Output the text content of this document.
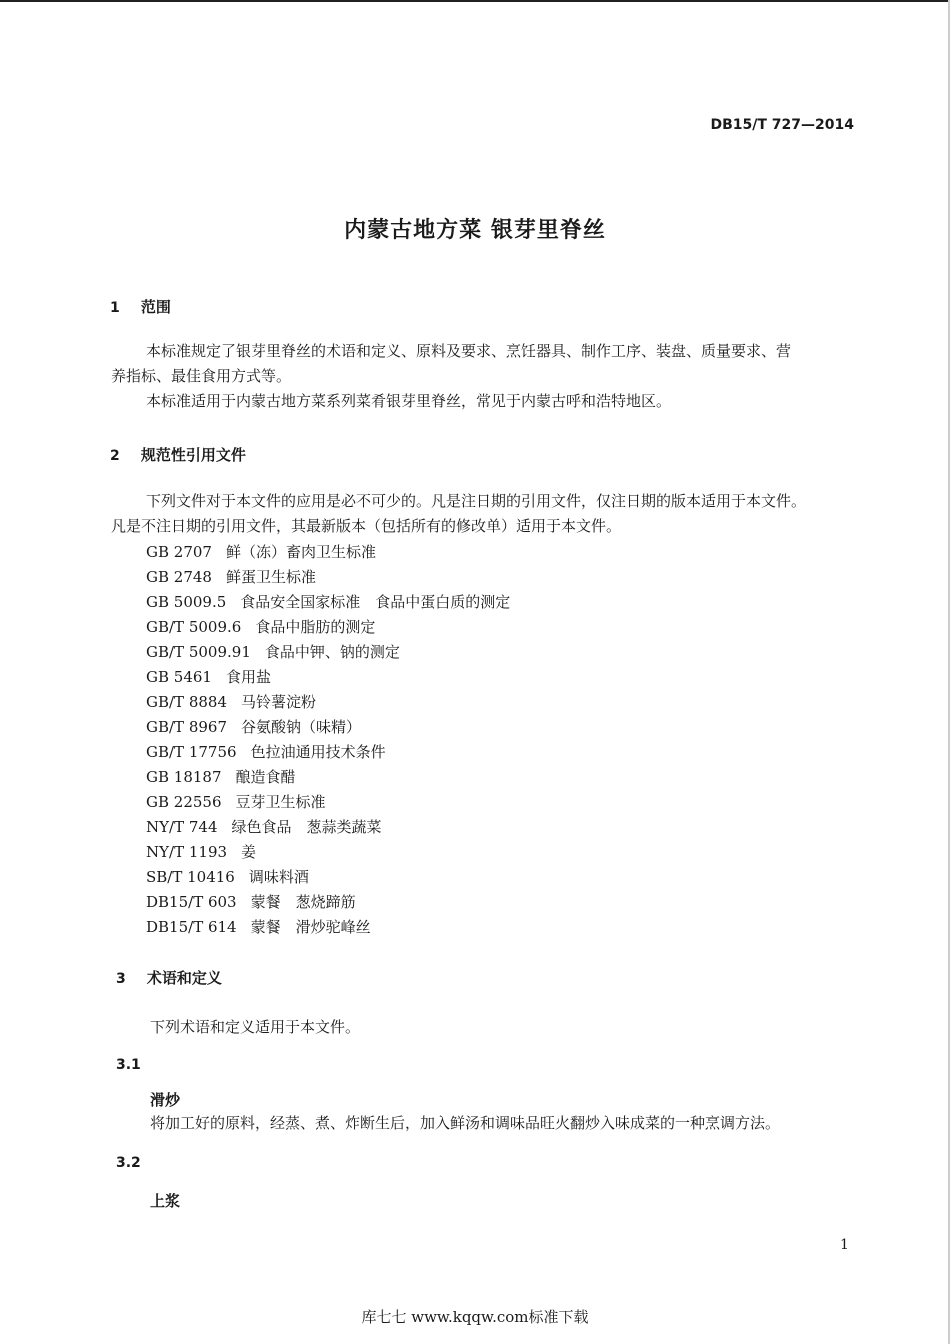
DB15/T 727—2014
内蒙古地方菜 银芽里脊丝
1 范围
本标准规定了银芽里脊丝的术语和定义、原料及要求、烹饪器具、制作工序、装盘、质量要求、营
养指标、最佳食用方式等。
本标准适用于内蒙古地方菜系列菜肴银芽里脊丝，常见于内蒙古呼和浩特地区。
2 规范性引用文件
下列文件对于本文件的应用是必不可少的。凡是注日期的引用文件，仅注日期的版本适用于本文件。
凡是不注日期的引用文件，其最新版本（包括所有的修改单）适用于本文件。
GB 2707 鲜（冻）畜肉卫生标准
GB 2748 鲜蛋卫生标准
GB 5009.5 食品安全国家标准　食品中蛋白质的测定
GB/T 5009.6 食品中脂肪的测定
GB/T 5009.91 食品中钾、钠的测定
GB 5461 食用盐
GB/T 8884 马铃薯淀粉
GB/T 8967 谷氨酸钠（味精）
GB/T 17756 色拉油通用技术条件
GB 18187 酿造食醋
GB 22556 豆芽卫生标准
NY/T 744 绿色食品　葱蒜类蔬菜
NY/T 1193 姜
SB/T 10416 调味料酒
DB15/T 603 蒙餐　葱烧蹄筋
DB15/T 614 蒙餐　滑炒驼峰丝
3 术语和定义
下列术语和定义适用于本文件。
3.1
滑炒
将加工好的原料，经蒸、煮、炸断生后，加入鲜汤和调味品旺火翻炒入味成菜的一种烹调方法。
3.2
上浆
1
库七七 www.kqqw.com标准下载
